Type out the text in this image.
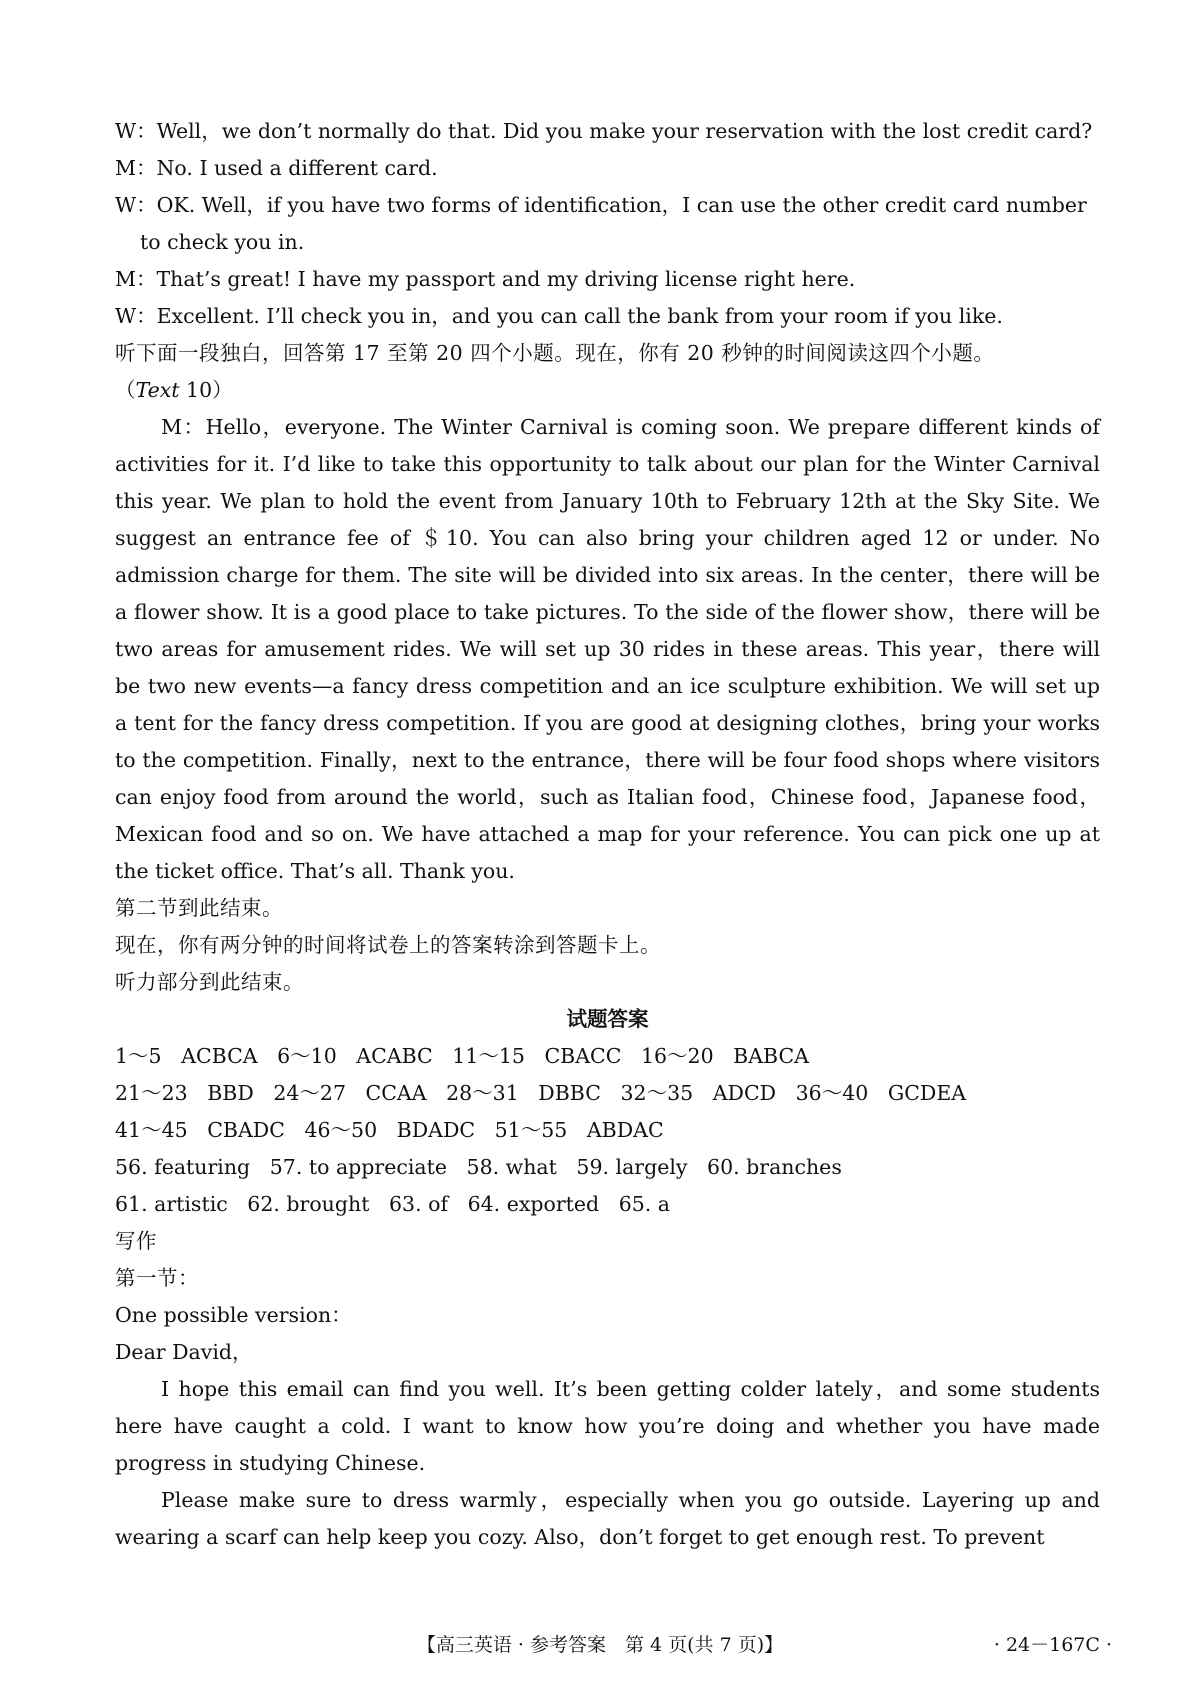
W：Well，we don’t normally do that. Did you make your reservation with the lost credit card?

M：No. I used a different card.

W：OK. Well，if you have two forms of identification，I can use the other credit card number

to check you in.

M：That’s great! I have my passport and my driving license right here.

W：Excellent. I’ll check you in，and you can call the bank from your room if you like.

听下面一段独白，回答第 17 至第 20 四个小题。现在，你有 20 秒钟的时间阅读这四个小题。

（Text 10）

M：Hello，everyone. The Winter Carnival is coming soon. We prepare different kinds of activities for it. I’d like to take this opportunity to talk about our plan for the Winter Carnival this year. We plan to hold the event from January 10th to February 12th at the Sky Site. We suggest an entrance fee of ＄10. You can also bring your children aged 12 or under. No admission charge for them. The site will be divided into six areas. In the center，there will be a flower show. It is a good place to take pictures. To the side of the flower show，there will be two areas for amusement rides. We will set up 30 rides in these areas. This year，there will be two new events—a fancy dress competition and an ice sculpture exhibition. We will set up a tent for the fancy dress competition. If you are good at designing clothes，bring your works to the competition. Finally，next to the entrance，there will be four food shops where visitors can enjoy food from around the world，such as Italian food，Chinese food，Japanese food，Mexican food and so on. We have attached a map for your reference. You can pick one up at the ticket office. That’s all. Thank you.

第二节到此结束。

现在，你有两分钟的时间将试卷上的答案转涂到答题卡上。

听力部分到此结束。

试题答案

1～5   ACBCA   6～10   ACABC   11～15   CBACC   16～20   BABCA

21～23   BBD   24～27   CCAA   28～31   DBBC   32～35   ADCD   36～40   GCDEA

41～45   CBADC   46～50   BDADC   51～55   ABDAC

56. featuring   57. to appreciate   58. what   59. largely   60. branches

61. artistic   62. brought   63. of   64. exported   65. a

写作

第一节：

One possible version：

Dear David，

I hope this email can find you well. It’s been getting colder lately，and some students here have caught a cold. I want to know how you’re doing and whether you have made progress in studying Chinese.

Please make sure to dress warmly，especially when you go outside. Layering up and wearing a scarf can help keep you cozy. Also，don’t forget to get enough rest. To prevent

【高三英语 · 参考答案　第 4 页(共 7 页)】	· 24－167C ·
